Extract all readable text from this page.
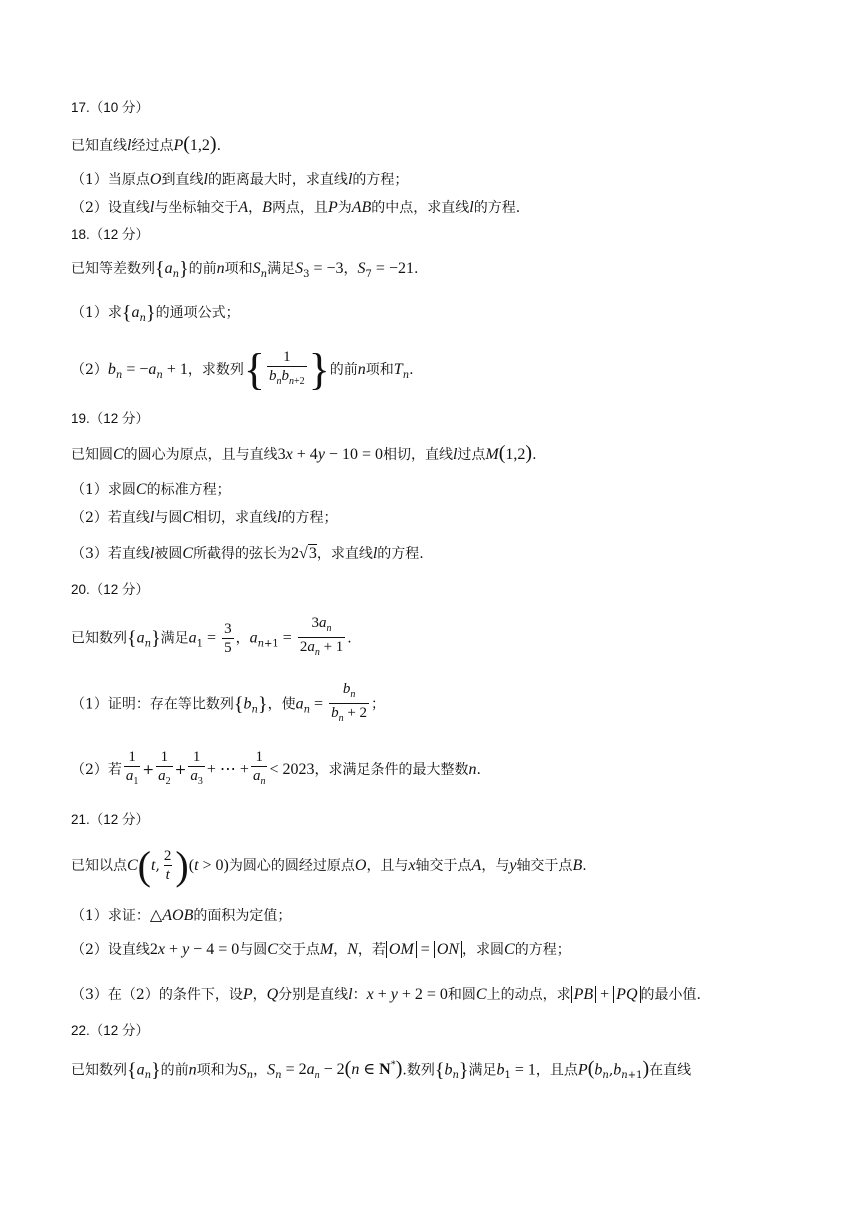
17.（10 分）
已知直线l经过点P(1,2).
（1）当原点O到直线l的距离最大时，求直线l的方程；
（2）设直线l与坐标轴交于A，B两点，且P为AB的中点，求直线l的方程.
18.（12 分）
已知等差数列$\{a_n\}$的前n项和$S_n$满足$S_3 = -3$，$S_7 = -21$.
（1）求$\{a_n\}$的通项公式；
$(2)b_n = -a_n + 1$，求数列{ $\frac{1}{b_nb_{n+2}}$ }的前n项和$T_n$.
19.（12 分）
已知圆C的圆心为原点，且与直线3x + 4y − 10 = 0相切，直线l过点M(1,2).
（1）求圆C的标准方程；
（2）若直线l与圆C相切，求直线l的方程；
（3）若直线l被圆C所截得的弦长为2√3，求直线l的方程.
20.（12 分）
已知数列$\{a_n\}$满足$a_1 = \frac{3}{5}$ ，$a_{n+1} = \frac{3a_n}{2a_n + 1}$ .
（1）证明：存在等比数列$\{b_n\}$，使$a_n = \frac{b_n}{b_n + 2}$ ；
（2）若 $\frac{1}{a_1} + \frac{1}{a_2} + \frac{1}{a_3}$ + ⋯ + $\frac{1}{a_n} < 2023$，求满足条件的最大整数n.
21.（12 分）
已知以点C(t, $\frac{2}{t} )(t > 0)$为圆心的圆经过原点O，且与x轴交于点A，与y轴交于点B.
（1）求证：△AOB的面积为定值；
（2）设直线2x + y − 4 = 0与圆C交于点M，N，若 OM = ON ，求圆C的方程；
（3）在（2）的条件下，设P，Q分别是直线l：x + y + 2 = 0和圆C上的动点，求 PB + PQ 的最小值.
22.（12 分）
已知数列$\{a_n\}$的前n项和为$S_n$，$S_n = 2a_n - 2(n$ ∈ N*).数列$\{b_n\}$满足$b_1 = 1$，且点$P(b_n,b_{n+1})$在直线
